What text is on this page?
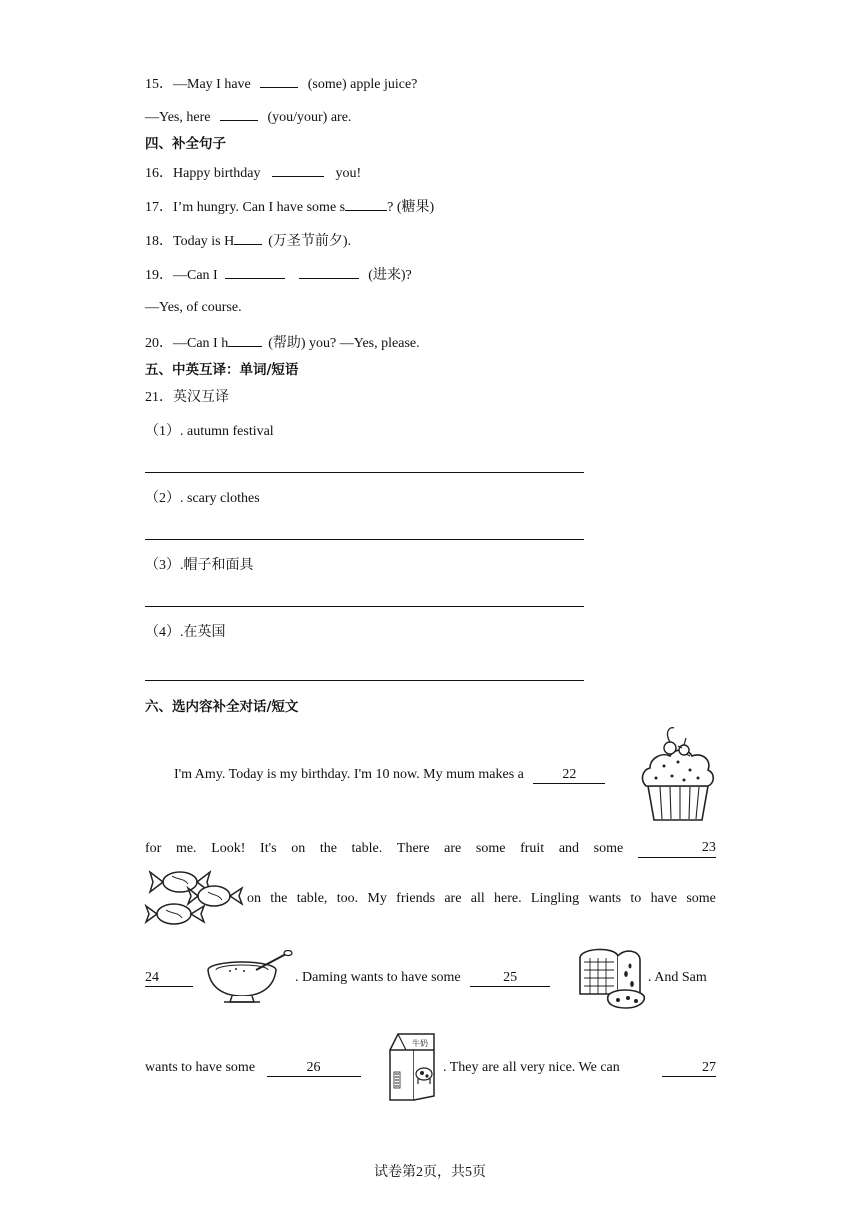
15．—May I have	(some) apple juice?
—Yes, here	(you/your) are.
四、补全句子
16．Happy birthday	you!
17．I’m hungry. Can I have some s	? (糖果)
18．Today is H (万圣节前夕).
19．—Can I	(进来)?
—Yes, of course.
20．—Can I h	(帮助) you? —Yes, please.
五、中英互译：单词/短语
21．英汉互译
（1）. autumn festival
（2）. scary clothes
（3）.帽子和面具
（4）.在英国
六、选内容补全对话/短文
I'm Amy. Today is my birthday. I'm 10 now. My mum makes a	22
for me. Look! It's on the table. There are some fruit and some	23
on the table, too. My friends are all here. Lingling wants to have some
24	. Daming wants to have some	25	. And Sam
wants to have some	26
牛奶
. They are all very nice. We can	27
试卷第2页，共5页
